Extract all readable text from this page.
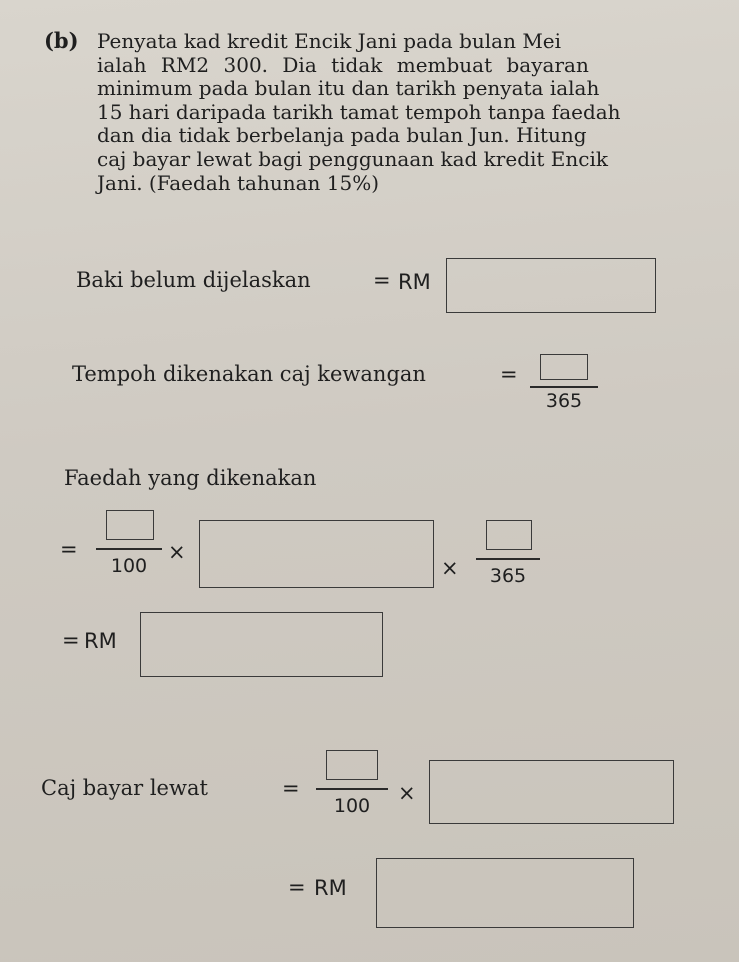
(b) Penyata kad kredit Encik Jani pada bulan Mei
ialah RM2 300. Dia tidak membuat bayaran
minimum pada bulan itu dan tarikh penyata ialah
15 hari daripada tarikh tamat tempoh tanpa faedah
dan dia tidak berbelanja pada bulan Jun. Hitung
caj bayar lewat bagi penggunaan kad kredit Encik
Jani. (Faedah tahunan 15%)
Baki belum dijelaskan	= RM
Tempoh dikenakan caj kewangan	=
365
Faedah yang dikenakan
=
100
×
×	365
= RM
Caj bayar lewat	=
100
×
= RM
